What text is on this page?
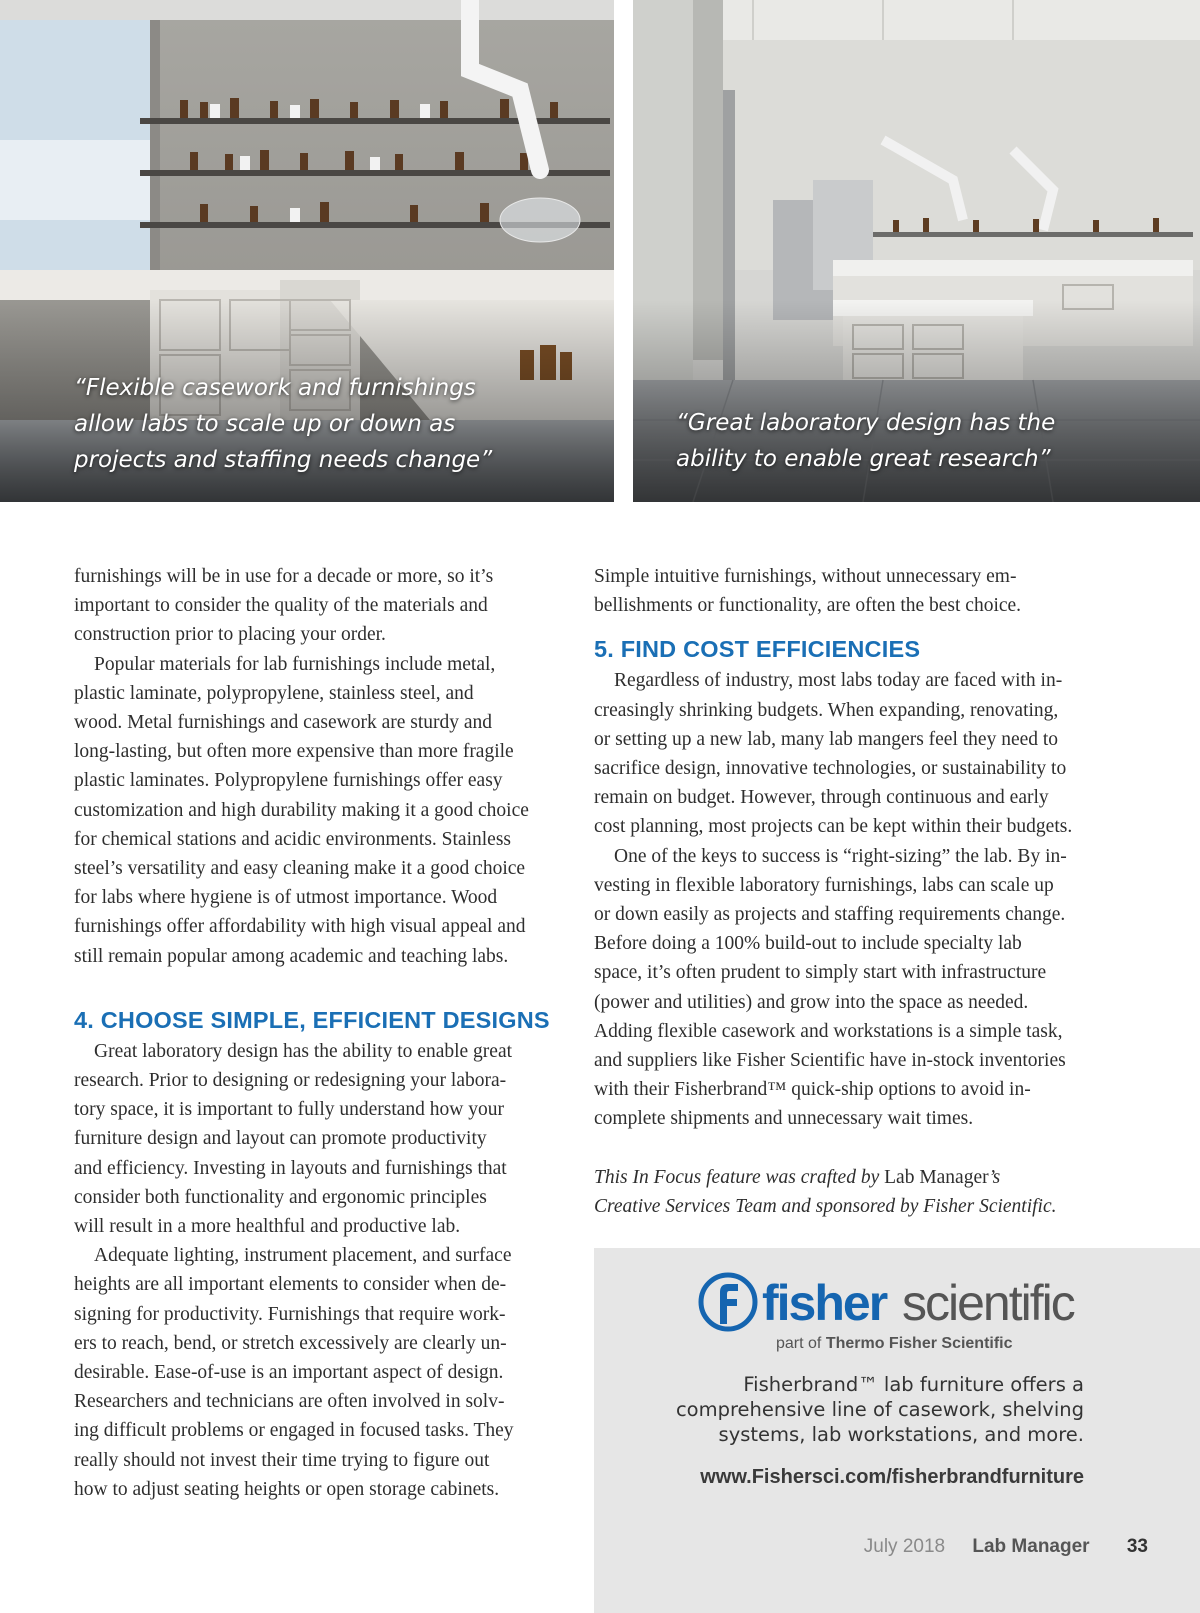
“Flexible casework and furnishings
allow labs to scale up or down as
projects and staffing needs change”

“Great laboratory design has the
ability to enable great research”

furnishings will be in use for a decade or more, so it’s
important to consider the quality of the materials and
construction prior to placing your order.
Popular materials for lab furnishings include metal,
plastic laminate, polypropylene, stainless steel, and
wood. Metal furnishings and casework are sturdy and
long-lasting, but often more expensive than more fragile
plastic laminates. Polypropylene furnishings offer easy
customization and high durability making it a good choice
for chemical stations and acidic environments. Stainless
steel’s versatility and easy cleaning make it a good choice
for labs where hygiene is of utmost importance. Wood
furnishings offer affordability with high visual appeal and
still remain popular among academic and teaching labs.
4. CHOOSE SIMPLE, EFFICIENT DESIGNS
Great laboratory design has the ability to enable great
research. Prior to designing or redesigning your labora-
tory space, it is important to fully understand how your
furniture design and layout can promote productivity
and efficiency. Investing in layouts and furnishings that
consider both functionality and ergonomic principles
will result in a more healthful and productive lab.
Adequate lighting, instrument placement, and surface
heights are all important elements to consider when de-
signing for productivity. Furnishings that require work-
ers to reach, bend, or stretch excessively are clearly un-
desirable. Ease-of-use is an important aspect of design.
Researchers and technicians are often involved in solv-
ing difficult problems or engaged in focused tasks. They
really should not invest their time trying to figure out
how to adjust seating heights or open storage cabinets.
Simple intuitive furnishings, without unnecessary em-
bellishments or functionality, are often the best choice.
5. FIND COST EFFICIENCIES
Regardless of industry, most labs today are faced with in-
creasingly shrinking budgets. When expanding, renovating,
or setting up a new lab, many lab mangers feel they need to
sacrifice design, innovative technologies, or sustainability to
remain on budget. However, through continuous and early
cost planning, most projects can be kept within their budgets.
One of the keys to success is “right-sizing” the lab. By in-
vesting in flexible laboratory furnishings, labs can scale up
or down easily as projects and staffing requirements change.
Before doing a 100% build-out to include specialty lab
space, it’s often prudent to simply start with infrastructure
(power and utilities) and grow into the space as needed.
Adding flexible casework and workstations is a simple task,
and suppliers like Fisher Scientific have in-stock inventories
with their Fisherbrand™ quick-ship options to avoid in-
complete shipments and unnecessary wait times.
This In Focus feature was crafted by Lab Manager’s
Creative Services Team and sponsored by Fisher Scientific.
fisher scientific
part of Thermo Fisher Scientific

Fisherbrand™ lab furniture offers a
comprehensive line of casework, shelving
systems, lab workstations, and more.

www.Fishersci.com/fisherbrandfurniture

July 2018 Lab Manager 33
